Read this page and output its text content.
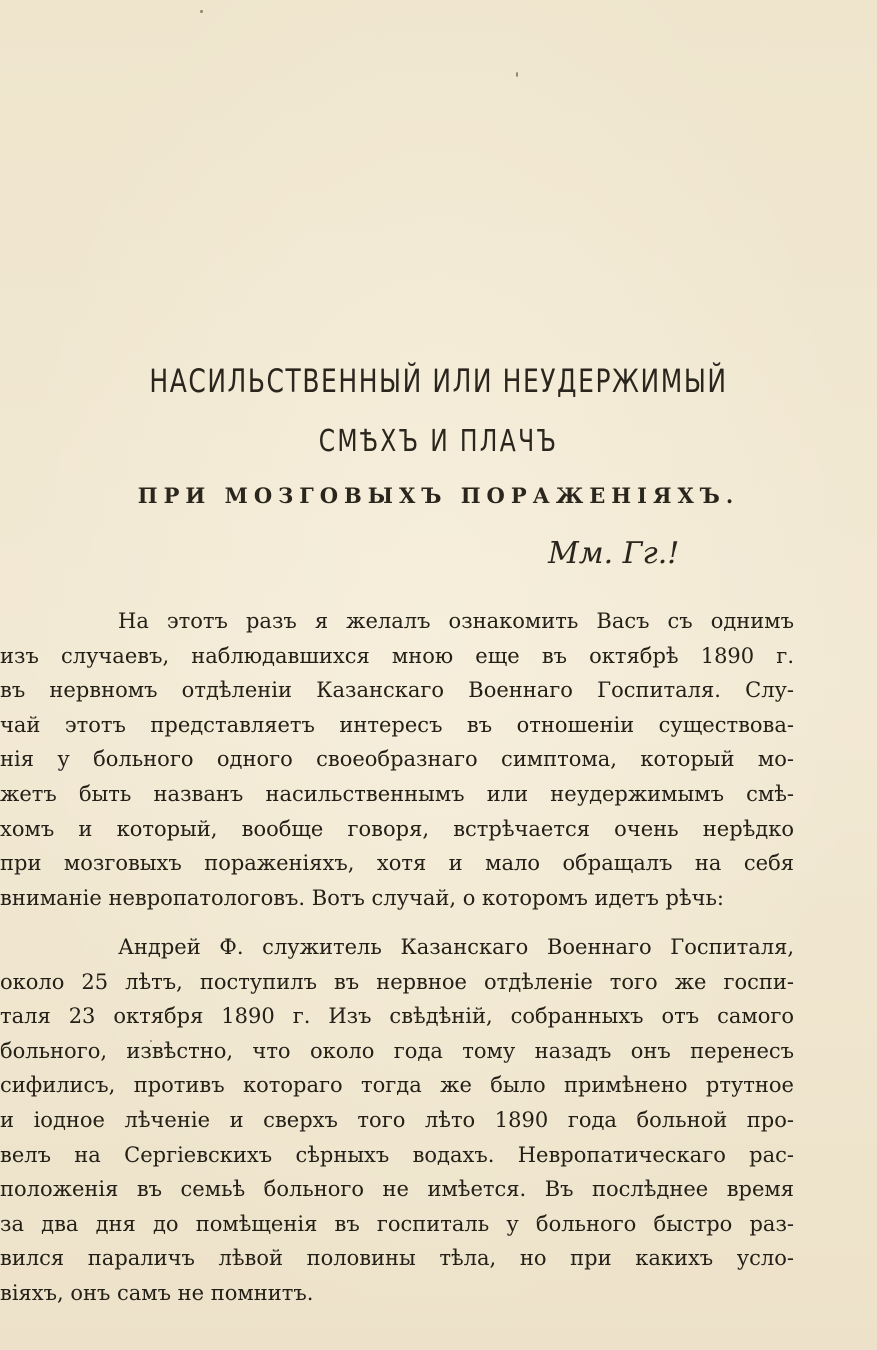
НАСИЛЬСТВЕННЫЙ ИЛИ НЕУДЕРЖИМЫЙ
СМѢХЪ И ПЛАЧЪ
ПРИ МОЗГОВЫХЪ ПОРАЖЕНІЯХЪ.
Мм. Гг.!
На этотъ разъ я желалъ ознакомить Васъ съ однимъ
изъ случаевъ, наблюдавшихся мною еще въ октябрѣ 1890 г.
въ нервномъ отдѣленіи Казанскаго Военнаго Госпиталя. Слу-
чай этотъ представляетъ интересъ въ отношеніи существова-
нія у больного одного своеобразнаго симптома, который мо-
жетъ быть названъ насильственнымъ или неудержимымъ смѣ-
хомъ и который, вообще говоря, встрѣчается очень нерѣдко
при мозговыхъ пораженіяхъ, хотя и мало обращалъ на себя
вниманіе невропатологовъ. Вотъ случай, о которомъ идетъ рѣчь:
Андрей Ф. служитель Казанскаго Военнаго Госпиталя,
около 25 лѣтъ, поступилъ въ нервное отдѣленіе того же госпи-
таля 23 октября 1890 г. Изъ свѣдѣній, собранныхъ отъ самого
больного, извѣстно, что около года тому назадъ онъ перенесъ
сифилисъ, противъ котораго тогда же было примѣнено ртутное
и іодное лѣченіе и сверхъ того лѣто 1890 года больной про-
велъ на Сергіевскихъ сѣрныхъ водахъ. Невропатическаго рас-
положенія въ семьѣ больного не имѣется. Въ послѣднее время
за два дня до помѣщенія въ госпиталь у больного быстро раз-
вился параличъ лѣвой половины тѣла, но при какихъ усло-
віяхъ, онъ самъ не помнитъ.
